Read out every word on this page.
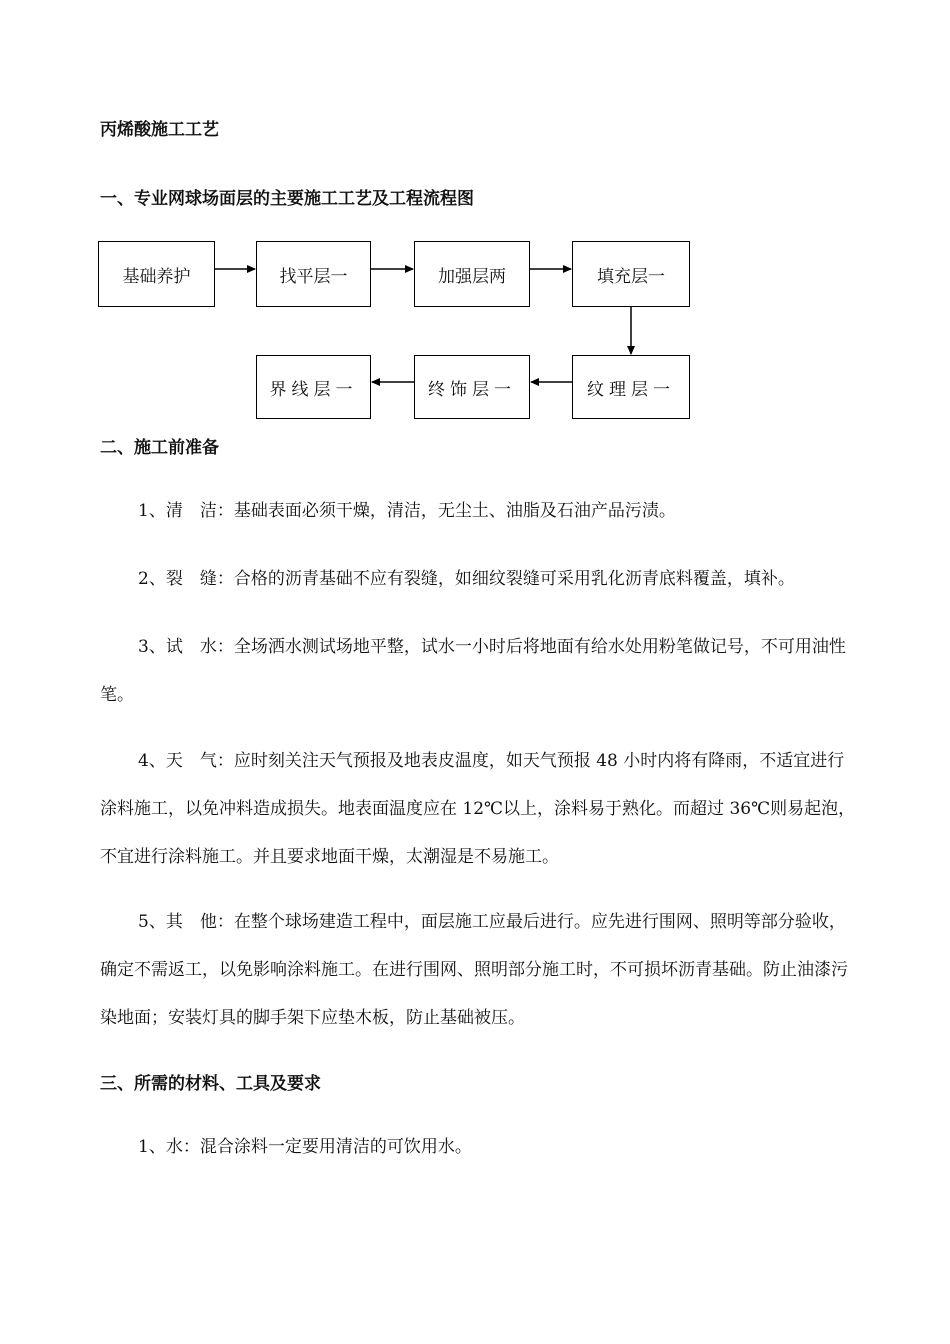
丙烯酸施工工艺
一、专业网球场面层的主要施工工艺及工程流程图
基础养护	找平层一	加强层两	填充层一
界线层一	终饰层一	纹理层一
二、施工前准备
1、清　洁：基础表面必须干燥，清洁，无尘土、油脂及石油产品污渍。
2、裂　缝：合格的沥青基础不应有裂缝，如细纹裂缝可采用乳化沥青底料覆盖，填补。
3、试　水：全场洒水测试场地平整，试水一小时后将地面有给水处用粉笔做记号，不可用油性笔。
4、天　气：应时刻关注天气预报及地表皮温度，如天气预报 48 小时内将有降雨，不适宜进行涂料施工，以免冲料造成损失。地表面温度应在 12℃以上，涂料易于熟化。而超过 36℃则易起泡，不宜进行涂料施工。并且要求地面干燥，太潮湿是不易施工。
5、其　他：在整个球场建造工程中，面层施工应最后进行。应先进行围网、照明等部分验收，确定不需返工，以免影响涂料施工。在进行围网、照明部分施工时，不可损坏沥青基础。防止油漆污染地面；安装灯具的脚手架下应垫木板，防止基础被压。
三、所需的材料、工具及要求
1、水：混合涂料一定要用清洁的可饮用水。
